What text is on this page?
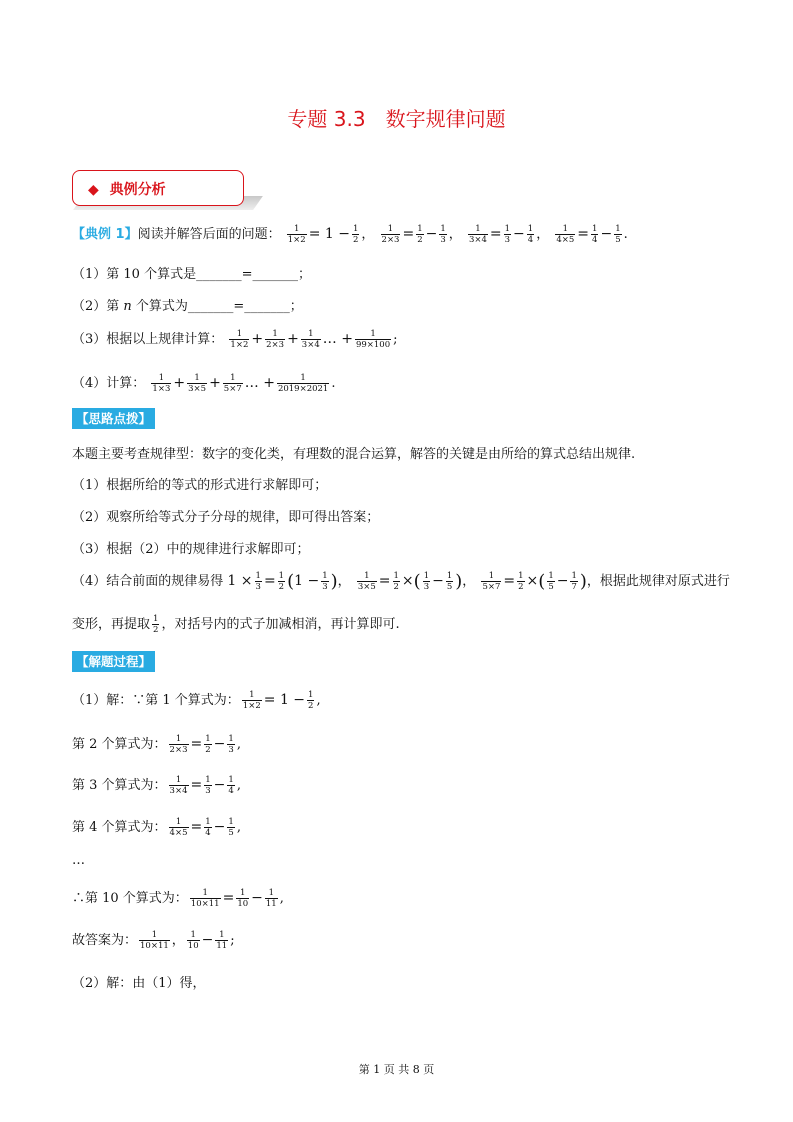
专题 3.3　数字规律问题
◆ 典例分析
【典例 1】阅读并解答后面的问题： $\frac{1}{1\times 2} = 1 - \frac{1}{2}$ ， $\frac{1}{2\times 3} = \frac{1}{2} - \frac{1}{3}$ ， $\frac{1}{3\times 4} = \frac{1}{3} - \frac{1}{4}$ ， $\frac{1}{4\times 5} = \frac{1}{4} - \frac{1}{5}$ .
（1）第 10 个算式是_______=_______；
（2）第 n 个算式为_______=_______；
（3）根据以上规律计算： $\frac{1}{1\times 2} + \frac{1}{2\times 3} + \frac{1}{3\times 4}$ … + $\frac{1}{99\times 100}$ ;
（4）计算： $\frac{1}{1\times 3} + \frac{1}{3\times 5} + \frac{1}{5\times 7}$ … + $\frac{1}{2019\times 2021}$ .
【思路点拨】
本题主要考查规律型：数字的变化类，有理数的混合运算，解答的关键是由所给的算式总结出规律.
（1）根据所给的等式的形式进行求解即可；
（2）观察所给等式分子分母的规律，即可得出答案；
（3）根据（2）中的规律进行求解即可；
（4）结合前面的规律易得 $1 \times \frac{1}{3} = \frac{1}{2} (1 - \frac{1}{3}$ )， $\frac{1}{3\times 5} = \frac{1}{2}$ ×( $\frac{1}{3} - \frac{1}{5}$ )， $\frac{1}{5\times 7} = \frac{1}{2}$ ×( $\frac{1}{5} - \frac{1}{7}$ )，根据此规律对原式进行
变形，再提取 $\frac{1}{2}$ ，对括号内的式子加减相消，再计算即可.
【解题过程】
（1）解：∵第 1 个算式为： $\frac{1}{1\times 2} = 1 - \frac{1}{2}$ ,
第 2 个算式为： $\frac{1}{2\times 3} = \frac{1}{2} - \frac{1}{3}$ ,
第 3 个算式为： $\frac{1}{3\times 4} = \frac{1}{3} - \frac{1}{4}$ ,
第 4 个算式为： $\frac{1}{4\times 5} = \frac{1}{4} - \frac{1}{5}$ ,
…
∴第 10 个算式为： $\frac{1}{10\times 11} = \frac{1}{10} - \frac{1}{11}$ ,
故答案为： $\frac{1}{10\times 11}$ ， $\frac{1}{10} - \frac{1}{11}$ ;
（2）解：由（1）得，
第 1 页 共 8 页
